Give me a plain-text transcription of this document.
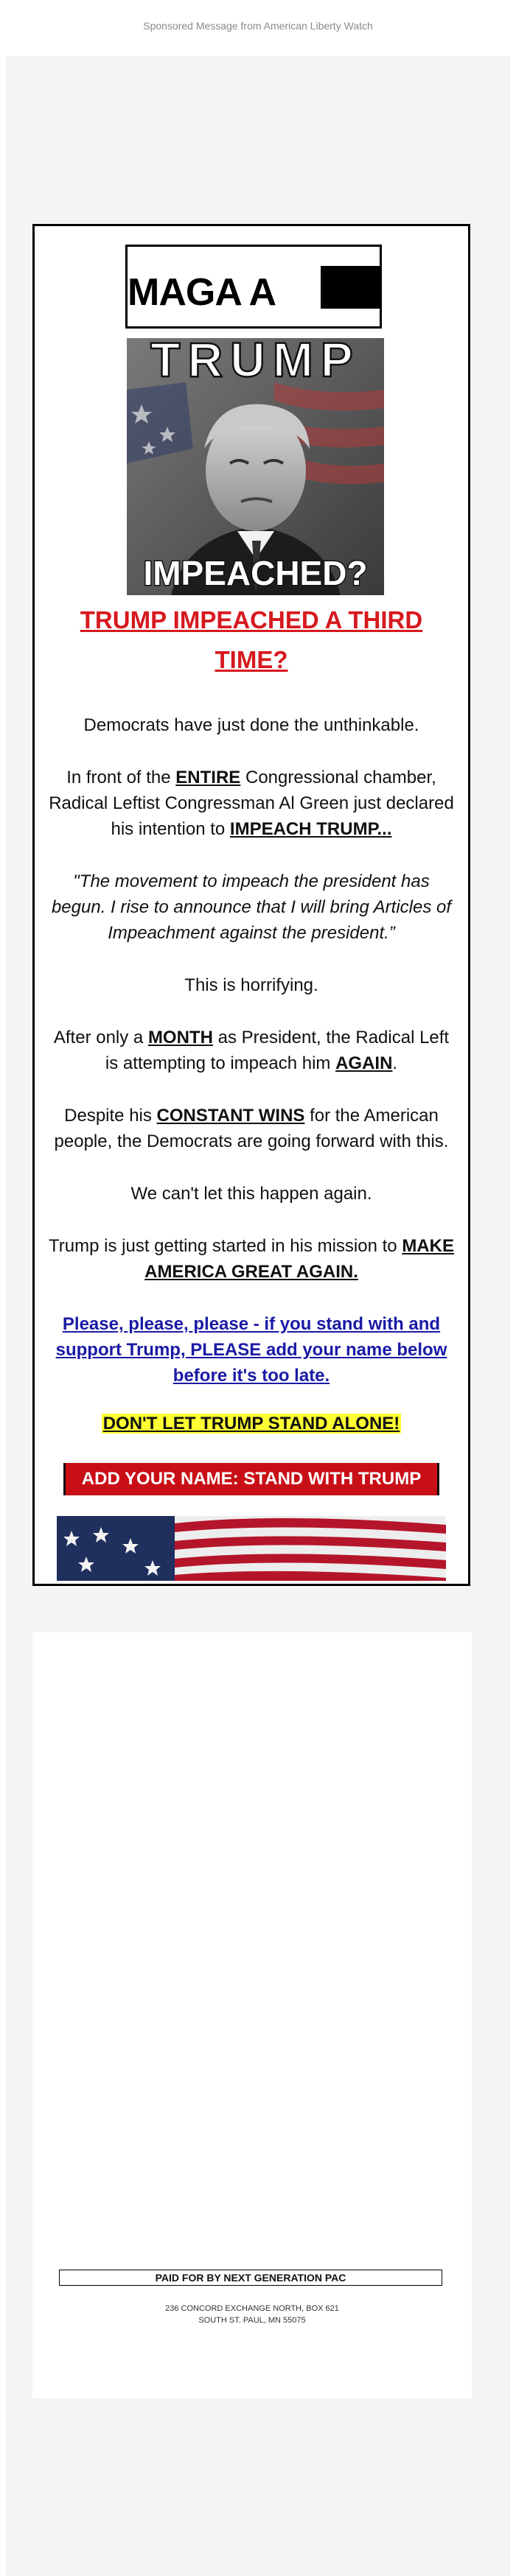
Sponsored Message from American Liberty Watch
MAGA A
TRUMP
IMPEACHED?
TRUMP IMPEACHED A THIRD TIME?

Democrats have just done the unthinkable.

In front of the ENTIRE Congressional chamber, Radical Leftist Congressman Al Green just declared his intention to IMPEACH TRUMP...

"The movement to impeach the president has begun. I rise to announce that I will bring Articles of Impeachment against the president.”

This is horrifying.

After only a MONTH as President, the Radical Left is attempting to impeach him AGAIN.

Despite his CONSTANT WINS for the American people, the Democrats are going forward with this.

We can't let this happen again.

Trump is just getting started in his mission to MAKE AMERICA GREAT AGAIN.

Please, please, please - if you stand with and support Trump, PLEASE add your name below before it's too late.

DON'T LET TRUMP STAND ALONE!

ADD YOUR NAME: STAND WITH TRUMP
PAID FOR BY NEXT GENERATION PAC
236 CONCORD EXCHANGE NORTH, BOX 621
SOUTH ST. PAUL, MN 55075
